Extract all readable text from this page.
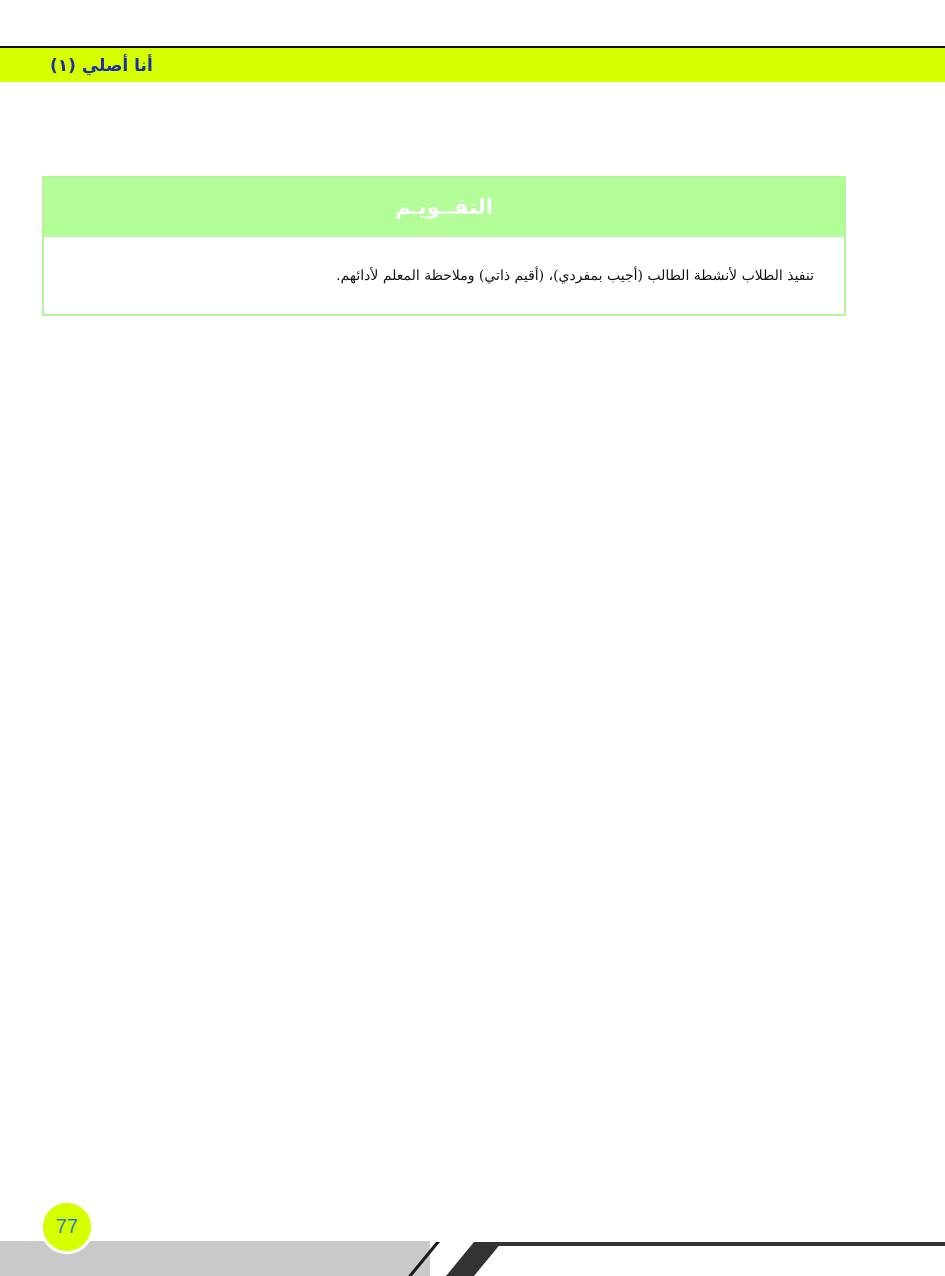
أنا أصلي (١)
التقــويـم
تنفيذ الطلاب لأنشطة الطالب (أجيب بمفردي)، (أقيم ذاتي) وملاحظة المعلم لأدائهم.
77
